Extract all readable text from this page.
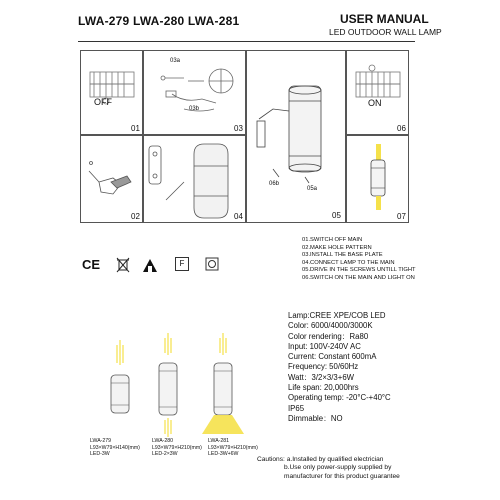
LWA-279 LWA-280 LWA-281	USER MANUAL
LED OUTDOOR WALL LAMP
OFF
01
03a
03b
03
02	04
06b
05a
05
ON
06
07
01.SWITCH OFF MAIN
02.MAKE HOLE PATTERN
03.INSTALL THE BASE PLATE
04.CONNECT LAMP TO THE MAIN
05.DRIVE IN THE SCREWS UNTILL TIGHT
06.SWITCH ON THE MAIN AND LIGHT ON
CE	F
Lamp:CREE XPE/COB LED
Color: 6000/4000/3000K
Color rendering：Ra80
Input: 100V-240V AC
Current: Constant 600mA
Frequency: 50/60Hz
Watt：3/2×3/3+6W
Life span: 20,000hrs
Operating temp: -20°C-+40°C
IP65
Dimmable：NO
LWA-279
L93×W79×H140(mm)
LED-3W
LWA-280
L93×W79×H210(mm)
LED-2×3W
LWA-281
L93×W79×H210(mm)
LED-3W+6W
Cautions: a.Installed by qualified electrician
b.Use only power-supply supplied by
manufacturer for this product guarantee
